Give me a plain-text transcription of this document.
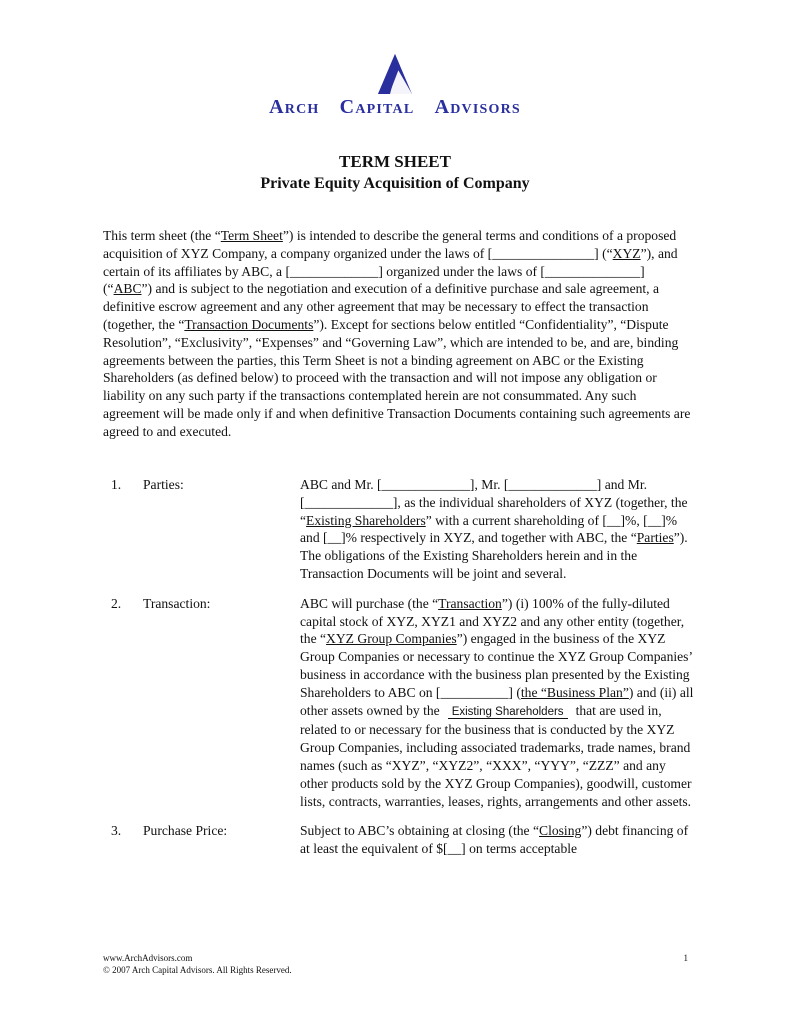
Arch Capital Advisors
TERM SHEET
Private Equity Acquisition of Company
This term sheet (the “Term Sheet”) is intended to describe the general terms and conditions of a proposed acquisition of XYZ Company, a company organized under the laws of [_______________] (“XYZ”), and certain of its affiliates by ABC, a [_____________] organized under the laws of [______________] (“ABC”) and is subject to the negotiation and execution of a definitive purchase and sale agreement, a definitive escrow agreement and any other agreement that may be necessary to effect the transaction (together, the “Transaction Documents”). Except for sections below entitled “Confidentiality”, “Dispute Resolution”, “Exclusivity”, “Expenses” and “Governing Law”, which are intended to be, and are, binding agreements between the parties, this Term Sheet is not a binding agreement on ABC or the Existing Shareholders (as defined below) to proceed with the transaction and will not impose any obligation or liability on any such party if the transactions contemplated herein are not consummated. Any such agreement will be made only if and when definitive Transaction Documents containing such agreements are agreed to and executed.
1.	Parties:	ABC and Mr. [_____________], Mr. [_____________] and Mr. [_____________], as the individual shareholders of XYZ (together, the “Existing Shareholders” with a current shareholding of [__]%, [__]% and [__]% respectively in XYZ, and together with ABC, the “Parties”). The obligations of the Existing Shareholders herein and in the Transaction Documents will be joint and several.
2.	Transaction:	ABC will purchase (the “Transaction”) (i) 100% of the fully-diluted capital stock of XYZ, XYZ1 and XYZ2 and any other entity (together, the “XYZ Group Companies”) engaged in the business of the XYZ Group Companies or necessary to continue the XYZ Group Companies’ business in accordance with the business plan presented by the Existing Shareholders to ABC on [__________] (the “Business Plan”) and (ii) all other assets owned by the Existing Shareholders that are used in, related to or necessary for the business that is conducted by the XYZ Group Companies, including associated trademarks, trade names, brand names (such as “XYZ”, “XYZ2”, “XXX”, “YYY”, “ZZZ” and any other products sold by the XYZ Group Companies), goodwill, customer lists, contracts, warranties, leases, rights, arrangements and other assets.
3.	Purchase Price:	Subject to ABC’s obtaining at closing (the “Closing”) debt financing of at least the equivalent of $[__] on terms acceptable
www.ArchAdvisors.com
© 2007 Arch Capital Advisors. All Rights Reserved.
1
